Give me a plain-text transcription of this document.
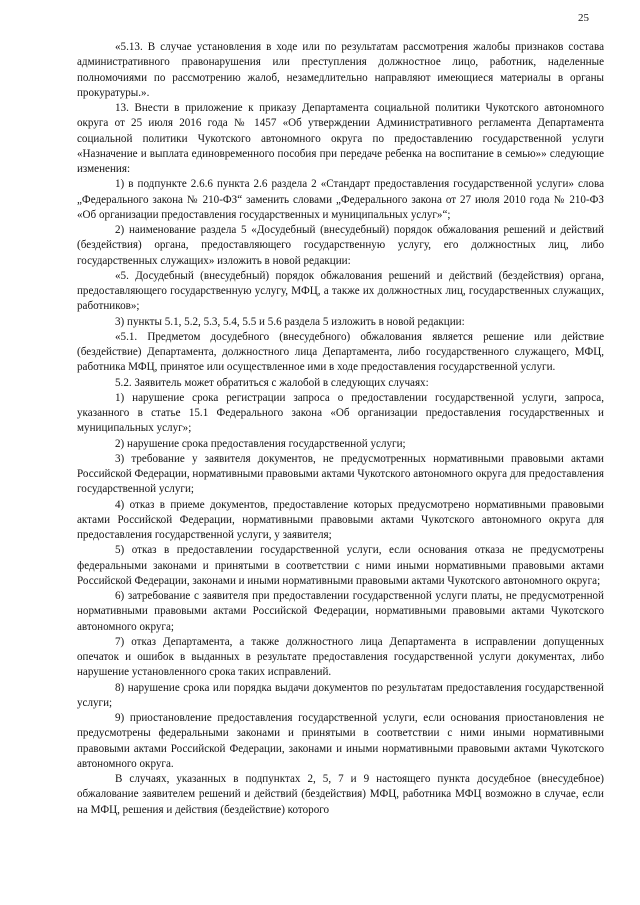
25

«5.13. В случае установления в ходе или по результатам рассмотрения жалобы признаков состава административного правонарушения или преступления должностное лицо, работник, наделенные полномочиями по рассмотрению жалоб, незамедлительно направляют имеющиеся материалы в органы прокуратуры.».

13. Внести в приложение к приказу Департамента социальной политики Чукотского автономного округа от 25 июля 2016 года № 1457 «Об утверждении Административного регламента Департамента социальной политики Чукотского автономного округа по предоставлению государственной услуги «Назначение и выплата единовременного пособия при передаче ребенка на воспитание в семью»» следующие изменения:

1) в подпункте 2.6.6 пункта 2.6 раздела 2 «Стандарт предоставления государственной услуги» слова „Федерального закона № 210-ФЗ“ заменить словами „Федерального закона от 27 июля 2010 года № 210-ФЗ «Об организации предоставления государственных и муниципальных услуг»“;

2) наименование раздела 5 «Досудебный (внесудебный) порядок обжалования решений и действий (бездействия) органа, предоставляющего государственную услугу, его должностных лиц, либо государственных служащих» изложить в новой редакции:

«5. Досудебный (внесудебный) порядок обжалования решений и действий (бездействия) органа, предоставляющего государственную услугу, МФЦ, а также их должностных лиц, государственных служащих, работников»;

3) пункты 5.1, 5.2, 5.3, 5.4, 5.5 и 5.6 раздела 5 изложить в новой редакции:

«5.1. Предметом досудебного (внесудебного) обжалования является решение или действие (бездействие) Департамента, должностного лица Департамента, либо государственного служащего, МФЦ, работника МФЦ, принятое или осуществленное ими в ходе предоставления государственной услуги.

5.2. Заявитель может обратиться с жалобой в следующих случаях:

1) нарушение срока регистрации запроса о предоставлении государственной услуги, запроса, указанного в статье 15.1 Федерального закона «Об организации предоставления государственных и муниципальных услуг»;

2) нарушение срока предоставления государственной услуги;

3) требование у заявителя документов, не предусмотренных нормативными правовыми актами Российской Федерации, нормативными правовыми актами Чукотского автономного округа для предоставления государственной услуги;

4) отказ в приеме документов, предоставление которых предусмотрено нормативными правовыми актами Российской Федерации, нормативными правовыми актами Чукотского автономного округа для предоставления государственной услуги, у заявителя;

5) отказ в предоставлении государственной услуги, если основания отказа не предусмотрены федеральными законами и принятыми в соответствии с ними иными нормативными правовыми актами Российской Федерации, законами и иными нормативными правовыми актами Чукотского автономного округа;

6) затребование с заявителя при предоставлении государственной услуги платы, не предусмотренной нормативными правовыми актами Российской Федерации, нормативными правовыми актами Чукотского автономного округа;

7) отказ Департамента, а также должностного лица Департамента в исправлении допущенных опечаток и ошибок в выданных в результате предоставления государственной услуги документах, либо нарушение установленного срока таких исправлений.

8) нарушение срока или порядка выдачи документов по результатам предоставления государственной услуги;

9) приостановление предоставления государственной услуги, если основания приостановления не предусмотрены федеральными законами и принятыми в соответствии с ними иными нормативными правовыми актами Российской Федерации, законами и иными нормативными правовыми актами Чукотского автономного округа.

В случаях, указанных в подпунктах 2, 5, 7 и 9 настоящего пункта досудебное (внесудебное) обжалование заявителем решений и действий (бездействия) МФЦ, работника МФЦ возможно в случае, если на МФЦ, решения и действия (бездействие) которого
